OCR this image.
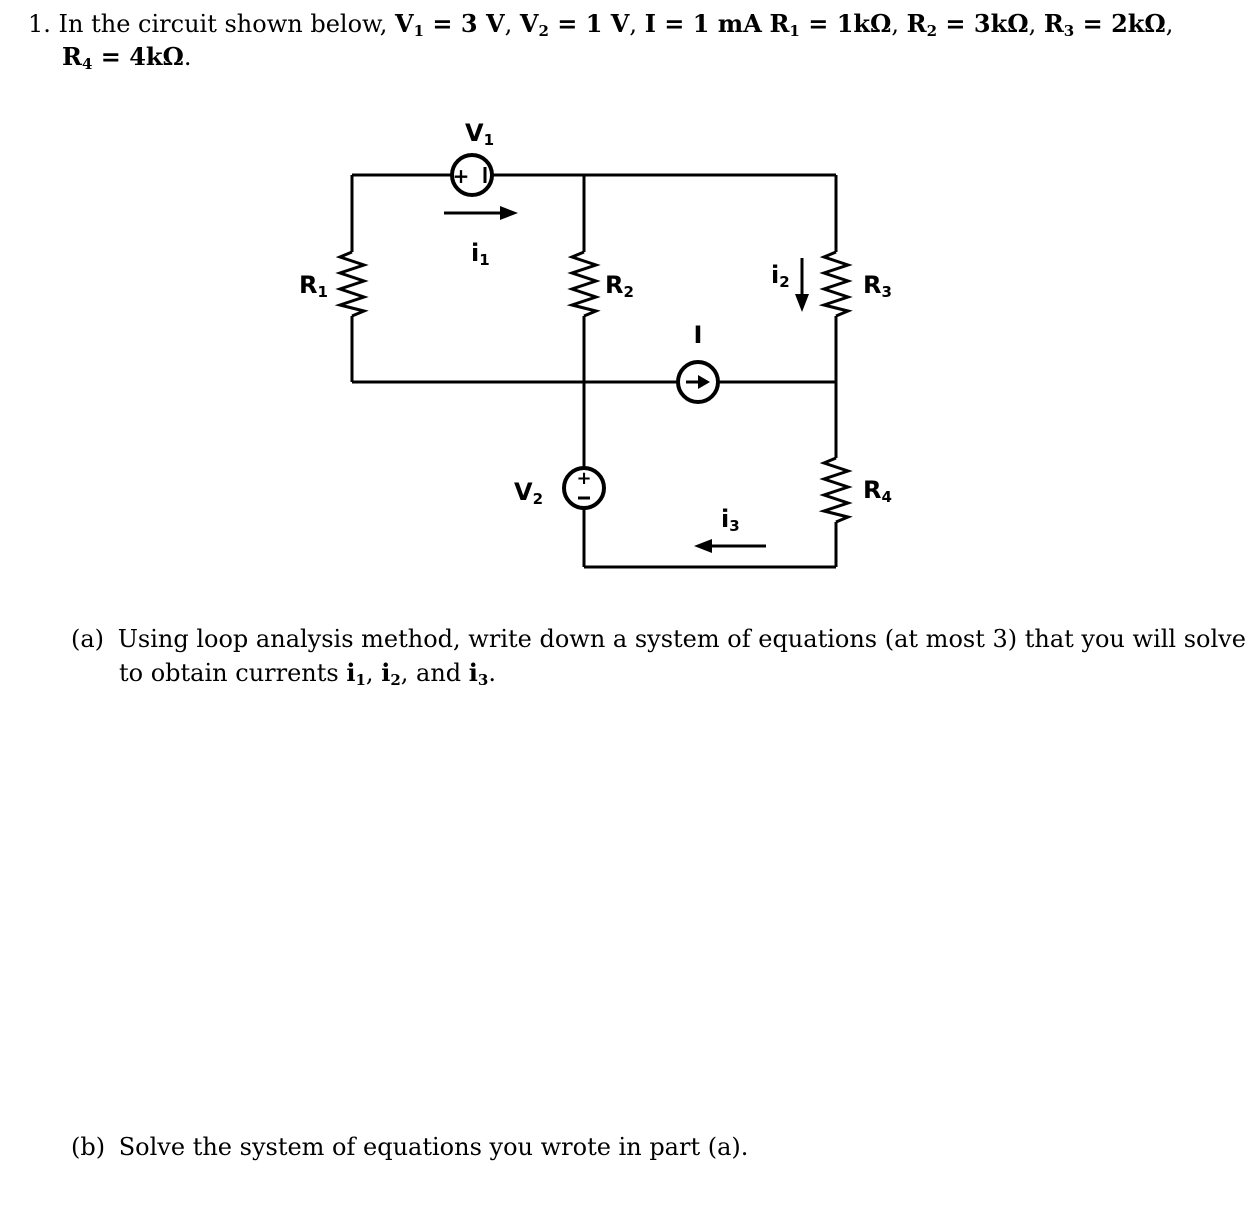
1. In the circuit shown below, $V_1 = 3$ V, $V_2 = 1$ V, I = 1 mA $R_1 = 1k\Omega$, $R_2 = 3k\Omega$, $R_3 = 2k\Omega$,
$R_4 = 4k\Omega$.
+
+
V1
i1
R1	R2
i2	R3
I
V2	R4
i3
(a) Using loop analysis method, write down a system of equations (at most 3) that you will solve
to obtain currents $i_1$, $i_2$, and $i_3$.
(b) Solve the system of equations you wrote in part (a).
